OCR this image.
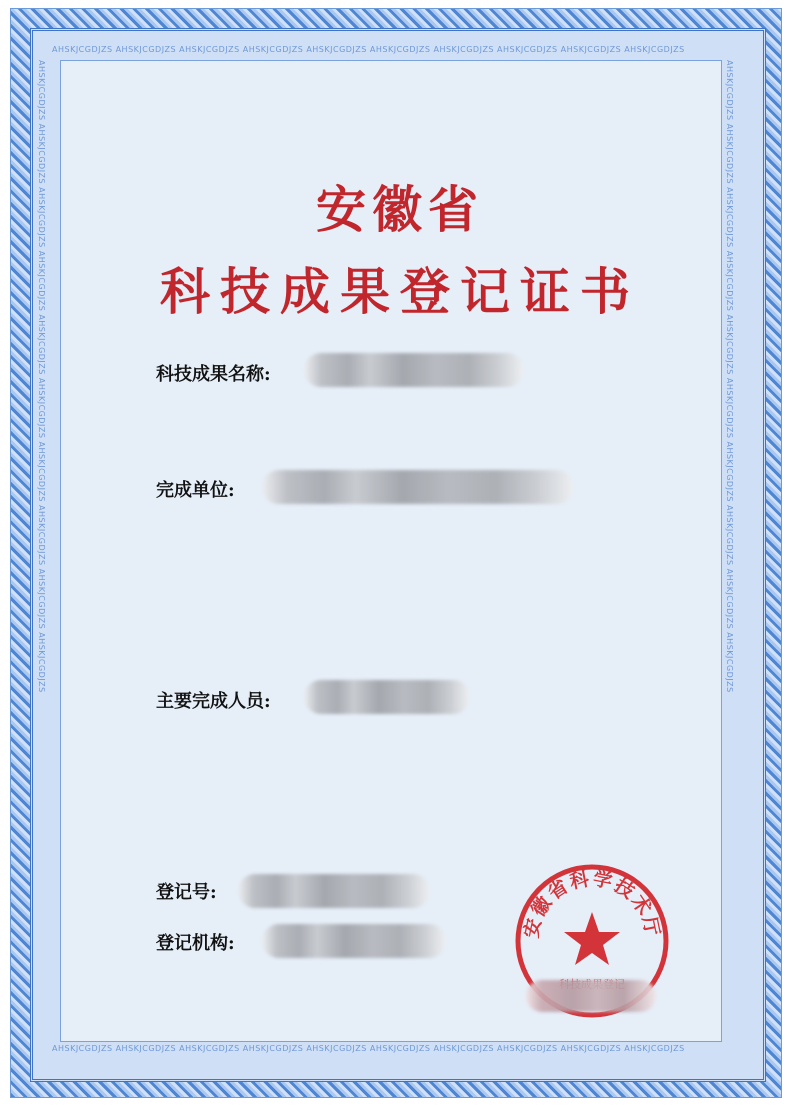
AHSKJCGDJZS AHSKJCGDJZS AHSKJCGDJZS AHSKJCGDJZS AHSKJCGDJZS AHSKJCGDJZS AHSKJCGDJZS AHSKJCGDJZS AHSKJCGDJZS AHSKJCGDJZS
AHSKJCGDJZS AHSKJCGDJZS AHSKJCGDJZS AHSKJCGDJZS AHSKJCGDJZS AHSKJCGDJZS AHSKJCGDJZS AHSKJCGDJZS AHSKJCGDJZS AHSKJCGDJZS
AHSKJCGDJZS AHSKJCGDJZS AHSKJCGDJZS AHSKJCGDJZS AHSKJCGDJZS AHSKJCGDJZS AHSKJCGDJZS AHSKJCGDJZS AHSKJCGDJZS AHSKJCGDJZS	AHSKJCGDJZS AHSKJCGDJZS AHSKJCGDJZS AHSKJCGDJZS AHSKJCGDJZS AHSKJCGDJZS AHSKJCGDJZS AHSKJCGDJZS AHSKJCGDJZS AHSKJCGDJZS
安徽省
科技成果登记证书
科技成果名称:
完成单位:
主要完成人员:
登记号:
登记机构:
安徽省科学技术厅
